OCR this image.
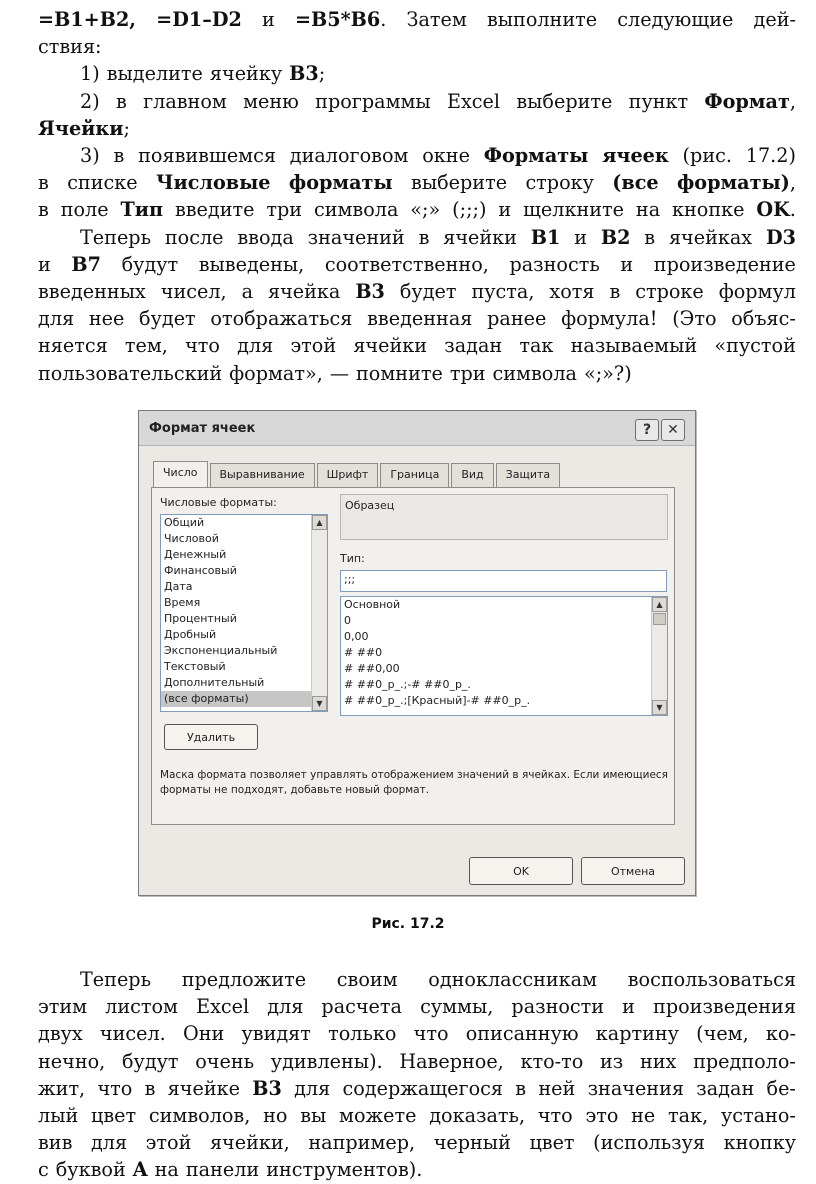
=B1+B2, =D1–D2 и =B5*B6. Затем выполните следующие дей-
ствия:
1) выделите ячейку B3;
2) в главном меню программы Excel выберите пункт Формат,
Ячейки;
3) в появившемся диалоговом окне Форматы ячеек (рис. 17.2)
в списке Числовые форматы выберите строку (все форматы),
в поле Тип введите три символа «;» (;;;) и щелкните на кнопке OK.
Теперь после ввода значений в ячейки B1 и B2 в ячейках D3
и B7 будут выведены, соответственно, разность и произведение
введенных чисел, а ячейка B3 будет пуста, хотя в строке формул
для нее будет отображаться введенная ранее формула! (Это объяс-
няется тем, что для этой ячейки задан так называемый «пустой
пользовательский формат», — помните три символа «;»?)
Формат ячеек	? ✕
Число	Выравнивание	Шрифт	Граница	Вид	Защита
Числовые форматы:
Общий
Числовой
Денежный
Финансовый
Дата
Время
Процентный
Дробный
Экспоненциальный
Текстовый
Дополнительный
(все форматы)
▲
▼
Образец
Тип:
;;;
Основной
0
0,00
# ##0
# ##0,00
# ##0_р_.;-# ##0_р_.
# ##0_р_.;[Красный]-# ##0_р_.
▲
▼
Удалить
Маска формата позволяет управлять отображением значений в ячейках. Если имеющиеся форматы не подходят, добавьте новый формат.
OK	Отмена
Рис. 17.2
Теперь предложите своим одноклассникам воспользоваться
этим листом Excel для расчета суммы, разности и произведения
двух чисел. Они увидят только что описанную картину (чем, ко-
нечно, будут очень удивлены). Наверное, кто-то из них предполо-
жит, что в ячейке B3 для содержащегося в ней значения задан бе-
лый цвет символов, но вы можете доказать, что это не так, устано-
вив для этой ячейки, например, черный цвет (используя кнопку
с буквой A на панели инструментов).
